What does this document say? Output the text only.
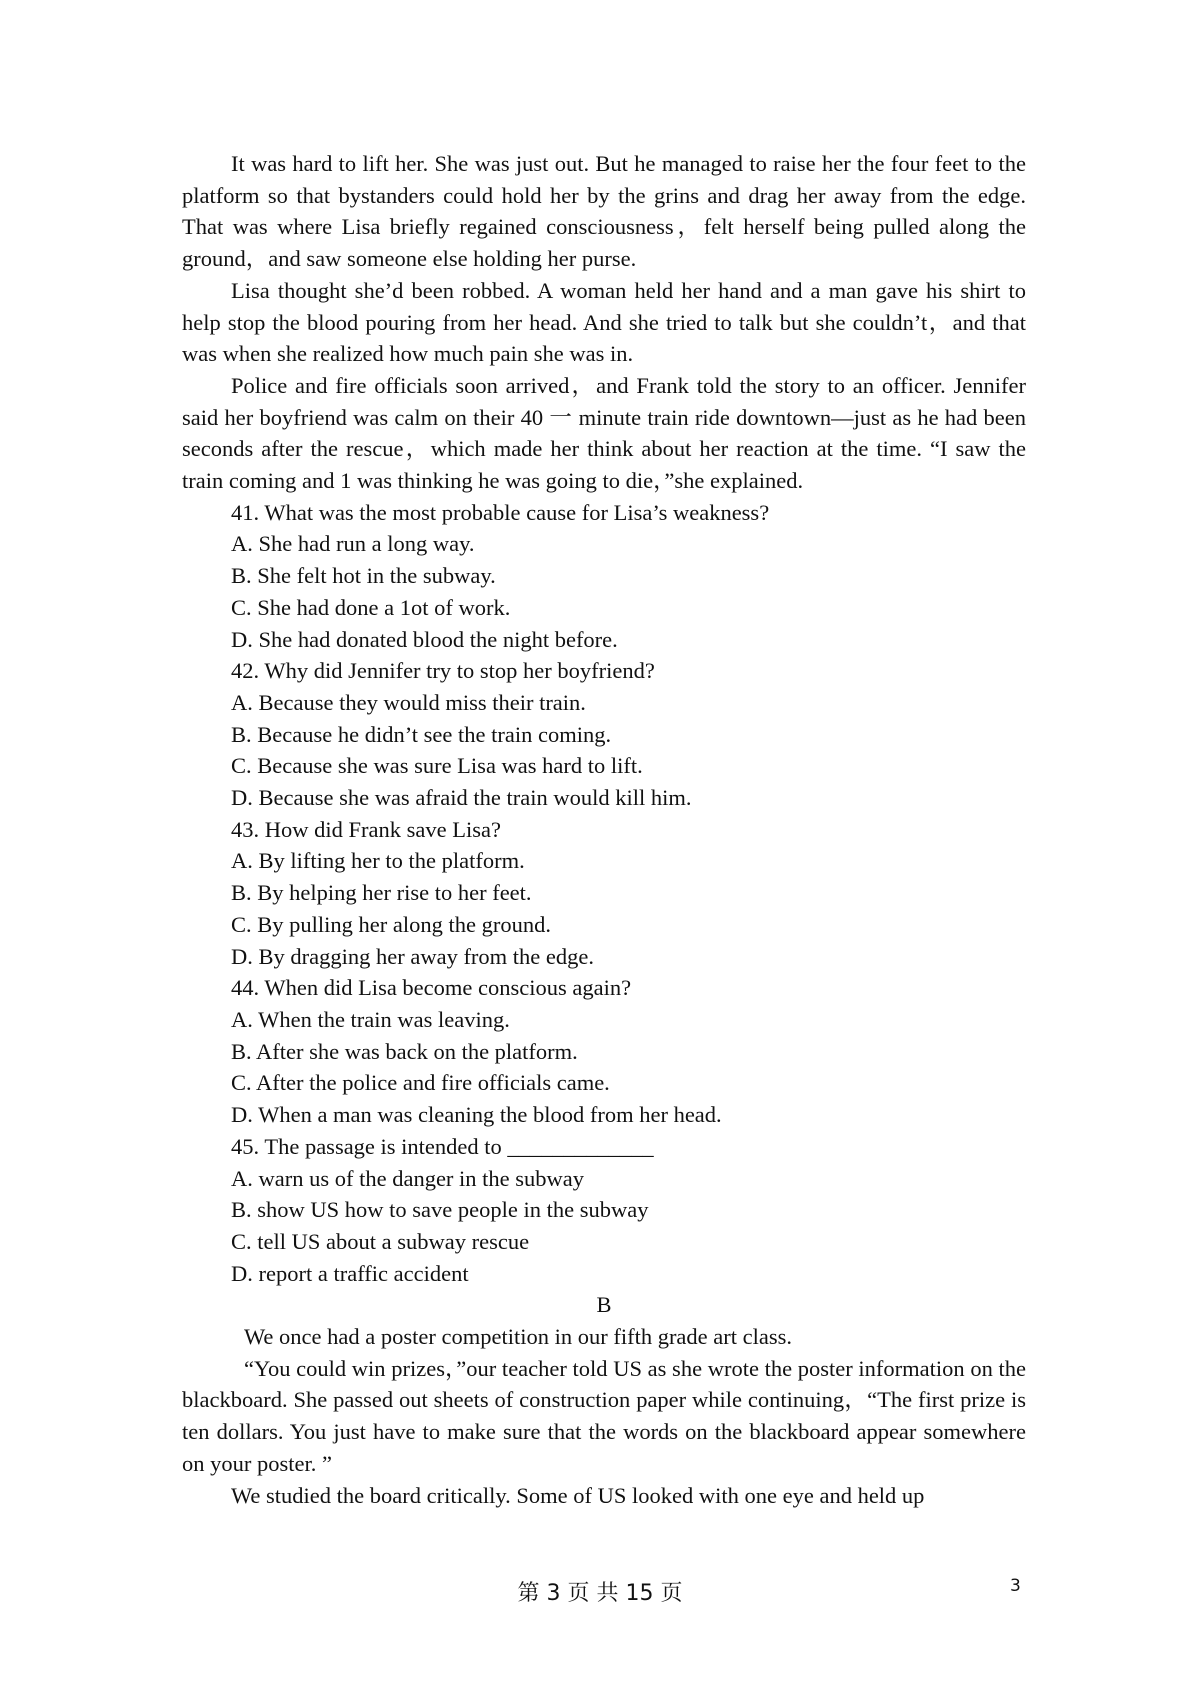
It was hard to lift her. She was just out. But he managed to raise her the four feet to the platform so that bystanders could hold her by the grins and drag her away from the edge. That was where Lisa briefly regained consciousness，felt herself being pulled along the ground，and saw someone else holding her purse.

Lisa thought she’d been robbed. A woman held her hand and a man gave his shirt to help stop the blood pouring from her head. And she tried to talk but she couldn’t，and that was when she realized how much pain she was in.

Police and fire officials soon arrived，and Frank told the story to an officer. Jennifer said her boyfriend was calm on their 40 一 minute train ride downtown—just as he had been seconds after the rescue，which made her think about her reaction at the time. “I saw the train coming and 1 was thinking he was going to die，”she explained.

41. What was the most probable cause for Lisa’s weakness?

A. She had run a long way.

B. She felt hot in the subway.

C. She had done a 1ot of work.

D. She had donated blood the night before.

42. Why did Jennifer try to stop her boyfriend?

A. Because they would miss their train.

B. Because he didn’t see the train coming.

C. Because she was sure Lisa was hard to lift.

D. Because she was afraid the train would kill him.

43. How did Frank save Lisa?

A. By lifting her to the platform.

B. By helping her rise to her feet.

C. By pulling her along the ground.

D. By dragging her away from the edge.

44. When did Lisa become conscious again?

A. When the train was leaving.

B. After she was back on the platform.

C. After the police and fire officials came.

D. When a man was cleaning the blood from her head.

45. The passage is intended to _____________

A. warn us of the danger in the subway

B. show US how to save people in the subway

C. tell US about a subway rescue

D. report a traffic accident

B

We once had a poster competition in our fifth grade art class.

“You could win prizes，”our teacher told US as she wrote the poster information on the blackboard. She passed out sheets of construction paper while continuing，“The first prize is ten dollars. You just have to make sure that the words on the blackboard appear somewhere on your poster. ”

We studied the board critically. Some of US looked with one eye and held up

第 3 页 共 15 页	3
